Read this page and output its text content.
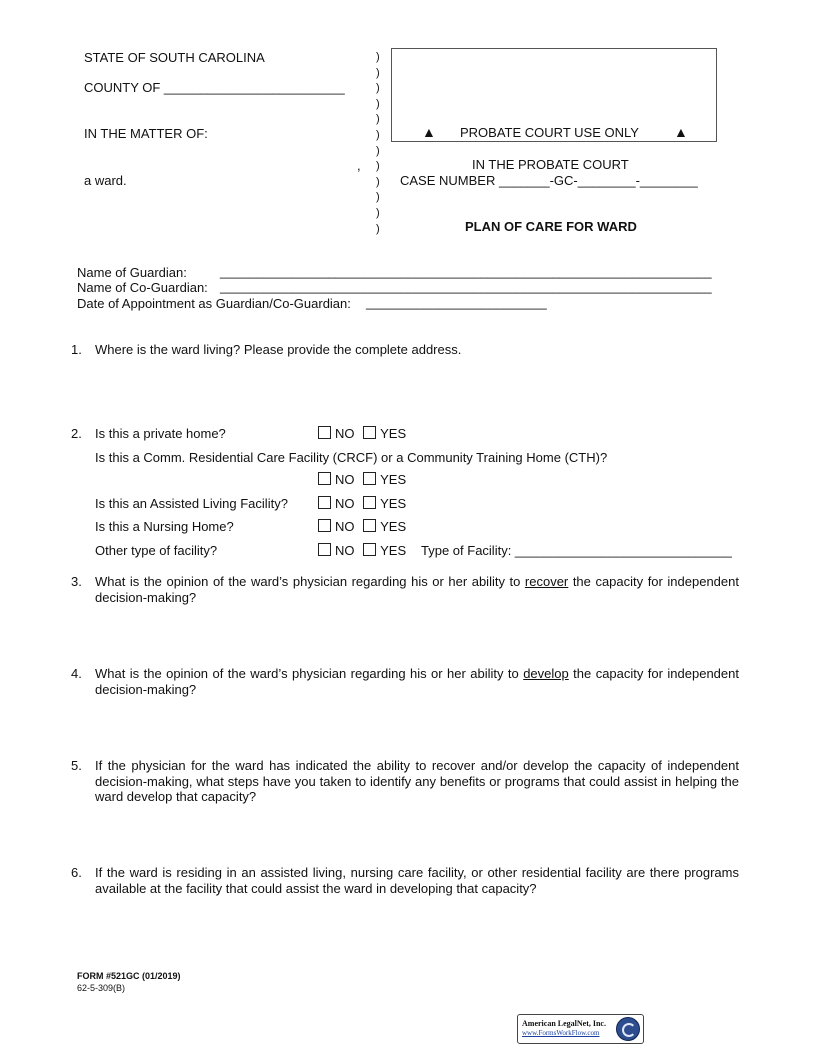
STATE OF SOUTH CAROLINA
COUNTY OF _________________________
IN THE MATTER OF:
,
a ward.
)
)
)
)
)
)
)
)
)
)
)
)
▲ PROBATE COURT USE ONLY	▲
IN THE PROBATE COURT
CASE NUMBER _______-GC-________-________
PLAN OF CARE FOR WARD
Name of Guardian:	____________________________________________________________________
Name of Co-Guardian: ____________________________________________________________________
Date of Appointment as Guardian/Co-Guardian: _________________________
1. Where is the ward living? Please provide the complete address.
2. Is this a private home?	NO YES
Is this a Comm. Residential Care Facility (CRCF) or a Community Training Home (CTH)?
NO YES
Is this an Assisted Living Facility?	NO YES
Is this a Nursing Home?	NO YES
Other type of facility?	NO YES Type of Facility: ______________________________
3. What is the opinion of the ward’s physician regarding his or her ability to recover the capacity for independent decision-making?
4. What is the opinion of the ward’s physician regarding his or her ability to develop the capacity for independent decision-making?
5. If the physician for the ward has indicated the ability to recover and/or develop the capacity of independent decision-making, what steps have you taken to identify any benefits or programs that could assist in helping the ward develop that capacity?
6. If the ward is residing in an assisted living, nursing care facility, or other residential facility are there programs available at the facility that could assist the ward in developing that capacity?
FORM #521GC (01/2019)
62-5-309(B)
American LegalNet, Inc.
www.FormsWorkFlow.com
